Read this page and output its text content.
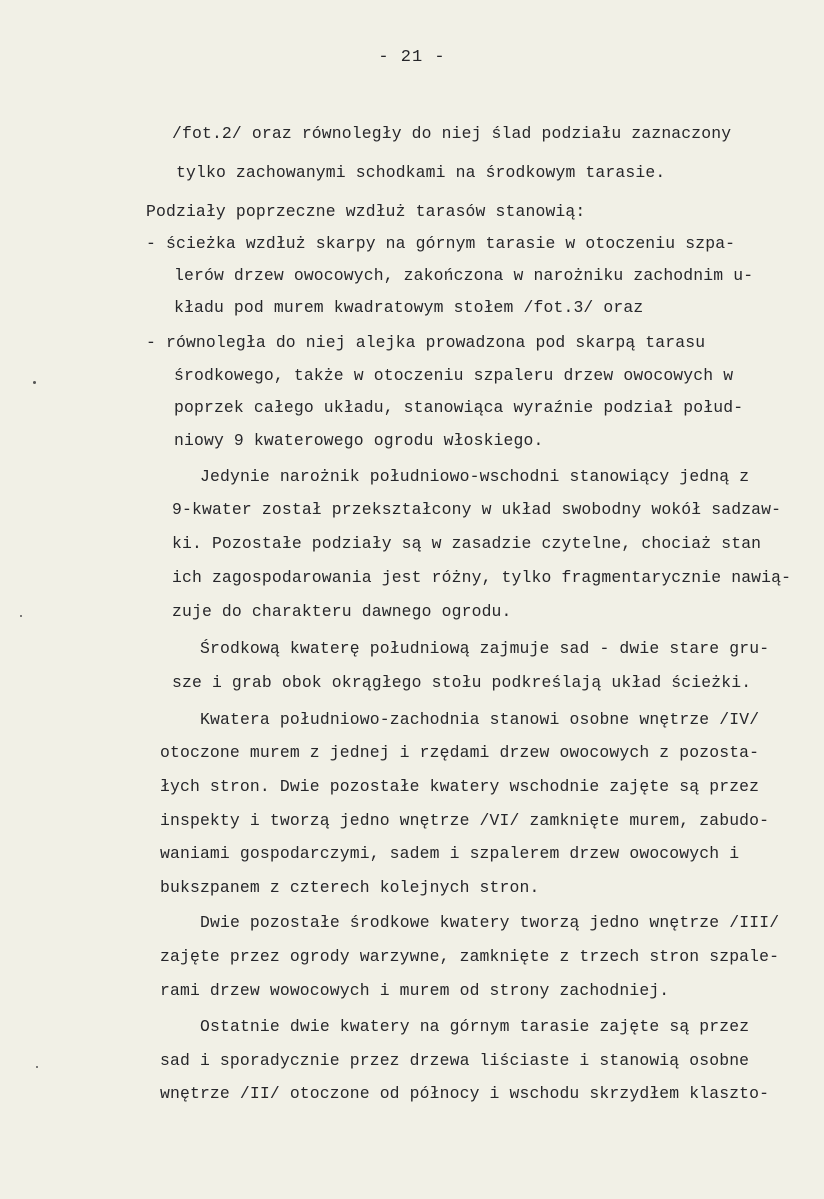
- 21 -
/fot.2/ oraz równoległy do niej ślad podziału zaznaczony
tylko zachowanymi schodkami na środkowym tarasie.
Podziały poprzeczne wzdłuż tarasów stanowią:
- ścieżka wzdłuż skarpy na górnym tarasie w otoczeniu szpa-
lerów drzew owocowych, zakończona w narożniku zachodnim u-
kładu pod murem kwadratowym stołem /fot.3/ oraz
- równoległa do niej alejka prowadzona pod skarpą tarasu
środkowego, także w otoczeniu szpaleru drzew owocowych w
poprzek całego układu, stanowiąca wyraźnie podział połud-
niowy 9 kwaterowego ogrodu włoskiego.
Jedynie narożnik południowo-wschodni stanowiący jedną z
9-kwater został przekształcony w układ swobodny wokół sadzaw-
ki. Pozostałe podziały są w zasadzie czytelne, chociaż stan
ich zagospodarowania jest różny, tylko fragmentarycznie nawią-
zuje do charakteru dawnego ogrodu.
Środkową kwaterę południową zajmuje sad - dwie stare gru-
sze i grab obok okrągłego stołu podkreślają układ ścieżki.
Kwatera południowo-zachodnia stanowi osobne wnętrze /IV/
otoczone murem z jednej i rzędami drzew owocowych z pozosta-
łych stron. Dwie pozostałe kwatery wschodnie zajęte są przez
inspekty i tworzą jedno wnętrze /VI/ zamknięte murem, zabudo-
waniami gospodarczymi, sadem i szpalerem drzew owocowych i
bukszpanem z czterech kolejnych stron.
Dwie pozostałe środkowe kwatery tworzą jedno wnętrze /III/
zajęte przez ogrody warzywne, zamknięte z trzech stron szpale-
rami drzew wowocowych i murem od strony zachodniej.
Ostatnie dwie kwatery na górnym tarasie zajęte są przez
sad i sporadycznie przez drzewa liściaste i stanowią osobne
wnętrze /II/ otoczone od północy i wschodu skrzydłem klaszto-
